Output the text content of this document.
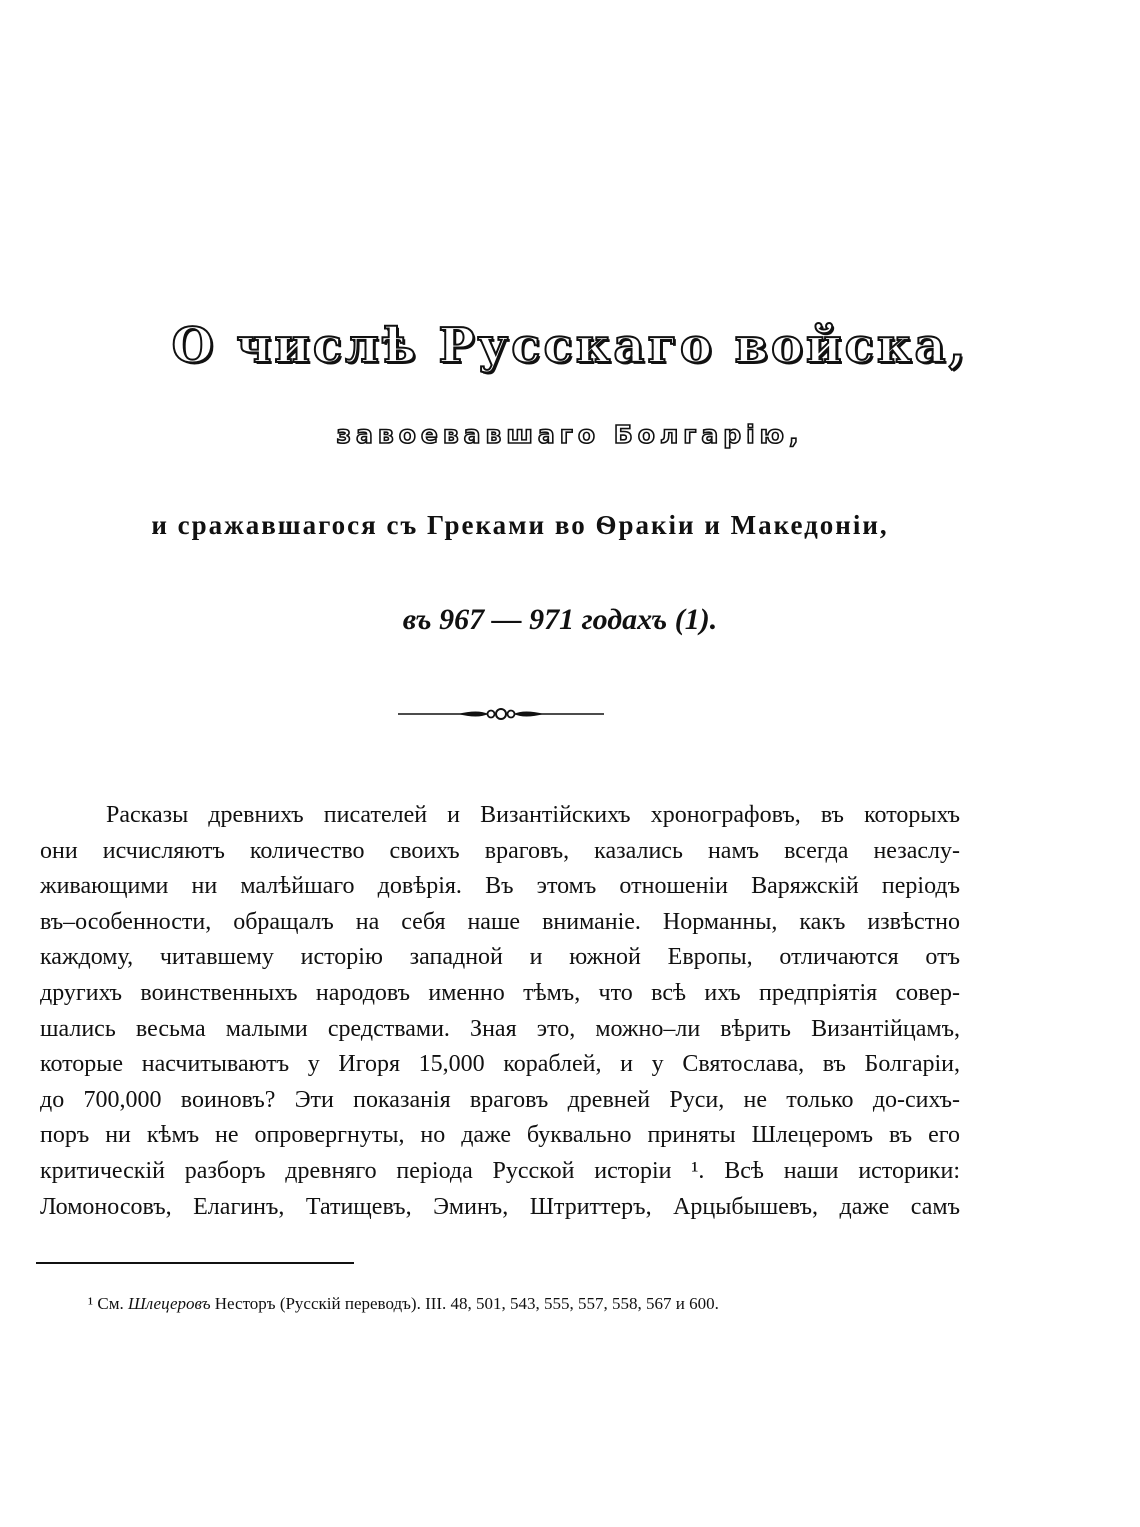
О числѣ Русскаго войска,
завоевавшаго Болгарію,
и сражавшагося съ Греками во Ѳракіи и Македоніи,
въ 967 — 971 годахъ (1).
Расказы древнихъ писателей и Византійскихъ хронографовъ, въ которыхъ
они исчисляютъ количество своихъ враговъ, казались намъ всегда незаслу-
живающими ни малѣйшаго довѣрія. Въ этомъ отношеніи Варяжскій періодъ
въ–особенности, обращалъ на себя наше вниманіе. Норманны, какъ извѣстно
каждому, читавшему исторію западной и южной Европы, отличаются отъ
другихъ воинственныхъ народовъ именно тѣмъ, что всѣ ихъ предпріятія совер-
шались весьма малыми средствами. Зная это, можно–ли вѣрить Византійцамъ,
которые насчитываютъ у Игоря 15,000 кораблей, и у Святослава, въ Болгаріи,
до 700,000 воиновъ? Эти показанія враговъ древней Руси, не только до-сихъ-
поръ ни кѣмъ не опровергнуты, но даже буквально приняты Шлецеромъ въ его
критическій разборъ древняго періода Русской исторіи ¹. Всѣ наши историки:
Ломоносовъ, Елагинъ, Татищевъ, Эминъ, Штриттеръ, Арцыбышевъ, даже самъ
¹ См. Шлецеровъ Несторъ (Русскій переводъ). III. 48, 501, 543, 555, 557, 558, 567 и 600.
